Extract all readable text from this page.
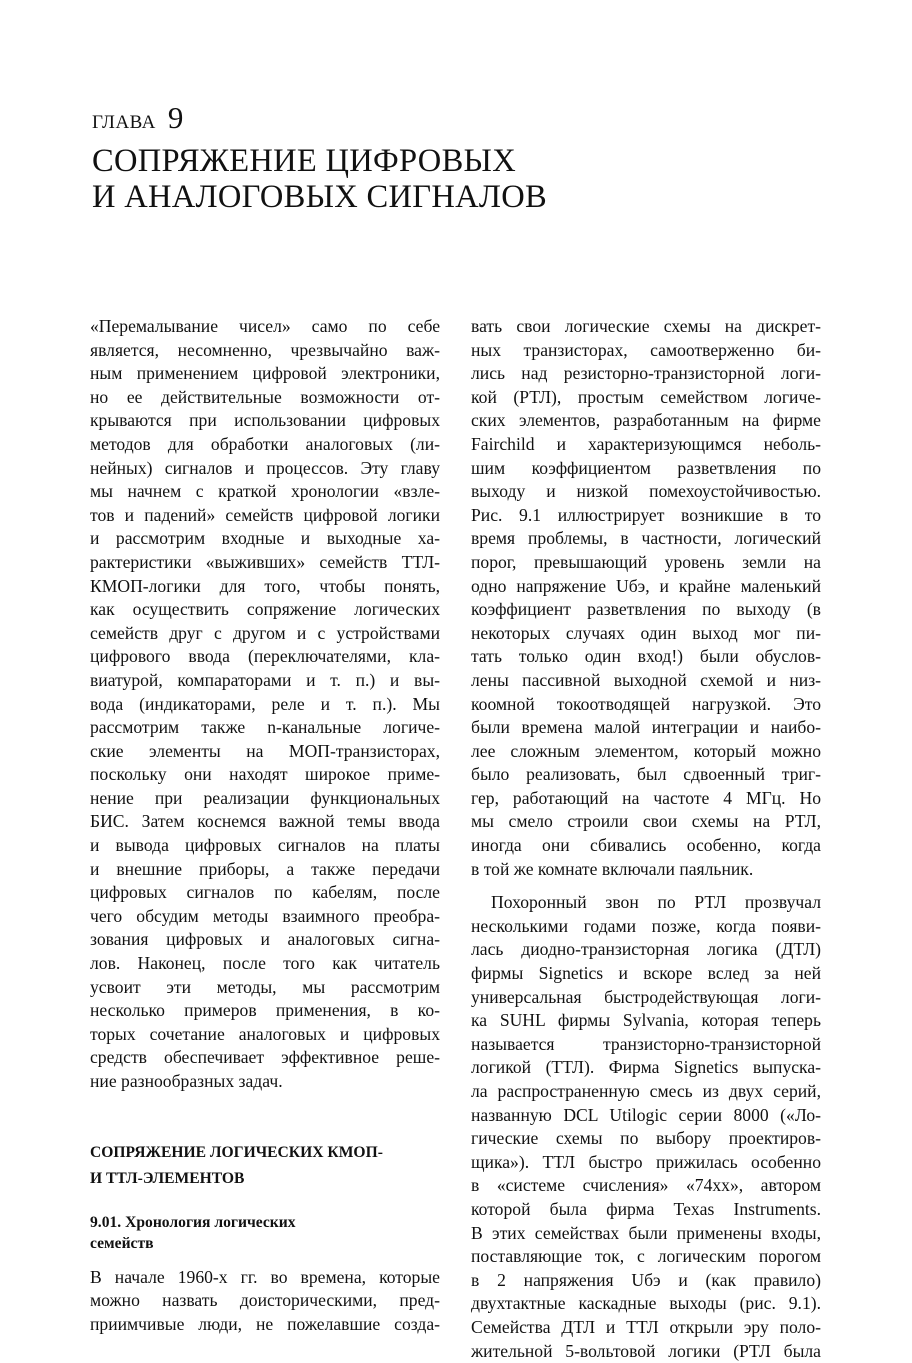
ГЛАВА 9
СОПРЯЖЕНИЕ ЦИФРОВЫХ
И АНАЛОГОВЫХ СИГНАЛОВ
«Перемалывание чисел» само по себе
является, несомненно, чрезвычайно важ-
ным применением цифровой электроники,
но ее действительные возможности от-
крываются при использовании цифровых
методов для обработки аналоговых (ли-
нейных) сигналов и процессов. Эту главу
мы начнем с краткой хронологии «взле-
тов и падений» семейств цифровой логики
и рассмотрим входные и выходные ха-
рактеристики «выживших» семейств ТТЛ-
КМОП-логики для того, чтобы понять,
как осуществить сопряжение логических
семейств друг с другом и с устройствами
цифрового ввода (переключателями, кла-
виатурой, компараторами и т. п.) и вы-
вода (индикаторами, реле и т. п.). Мы
рассмотрим также n-канальные логиче-
ские элементы на МОП-транзисторах,
поскольку они находят широкое приме-
нение при реализации функциональных
БИС. Затем коснемся важной темы ввода
и вывода цифровых сигналов на платы
и внешние приборы, а также передачи
цифровых сигналов по кабелям, после
чего обсудим методы взаимного преобра-
зования цифровых и аналоговых сигна-
лов. Наконец, после того как читатель
усвоит эти методы, мы рассмотрим
несколько примеров применения, в ко-
торых сочетание аналоговых и цифровых
средств обеспечивает эффективное реше-
ние разнообразных задач.
СОПРЯЖЕНИЕ ЛОГИЧЕСКИХ КМОП-
И ТТЛ-ЭЛЕМЕНТОВ
9.01. Хронология логических
семейств
В начале 1960-х гг. во времена, которые
можно назвать доисторическими, пред-
приимчивые люди, не пожелавшие созда-
вать свои логические схемы на дискрет-
ных транзисторах, самоотверженно би-
лись над резисторно-транзисторной логи-
кой (РТЛ), простым семейством логиче-
ских элементов, разработанным на фирме
Fairchild и характеризующимся неболь-
шим коэффициентом разветвления по
выходу и низкой помехоустойчивостью.
Рис. 9.1 иллюстрирует возникшие в то
время проблемы, в частности, логический
порог, превышающий уровень земли на
одно напряжение Uбэ, и крайне маленький
коэффициент разветвления по выходу (в
некоторых случаях один выход мог пи-
тать только один вход!) были обуслов-
лены пассивной выходной схемой и низ-
коомной токоотводящей нагрузкой. Это
были времена малой интеграции и наибо-
лее сложным элементом, который можно
было реализовать, был сдвоенный триг-
гер, работающий на частоте 4 МГц. Но
мы смело строили свои схемы на РТЛ,
иногда они сбивались особенно, когда
в той же комнате включали паяльник.
Похоронный звон по РТЛ прозвучал
несколькими годами позже, когда появи-
лась диодно-транзисторная логика (ДТЛ)
фирмы Signetics и вскоре вслед за ней
универсальная быстродействующая логи-
ка SUHL фирмы Sylvania, которая теперь
называется транзисторно-транзисторной
логикой (ТТЛ). Фирма Signetics выпуска-
ла распространенную смесь из двух серий,
названную DCL Utilogic серии 8000 («Ло-
гические схемы по выбору проектиров-
щика»). ТТЛ быстро прижилась особенно
в «системе счисления» «74xx», автором
которой была фирма Texas Instruments.
В этих семействах были применены входы,
поставляющие ток, с логическим порогом
в 2 напряжения Uбэ и (как правило)
двухтактные каскадные выходы (рис. 9.1).
Семейства ДТЛ и ТТЛ открыли эру поло-
жительной 5-вольтовой логики (РТЛ была
